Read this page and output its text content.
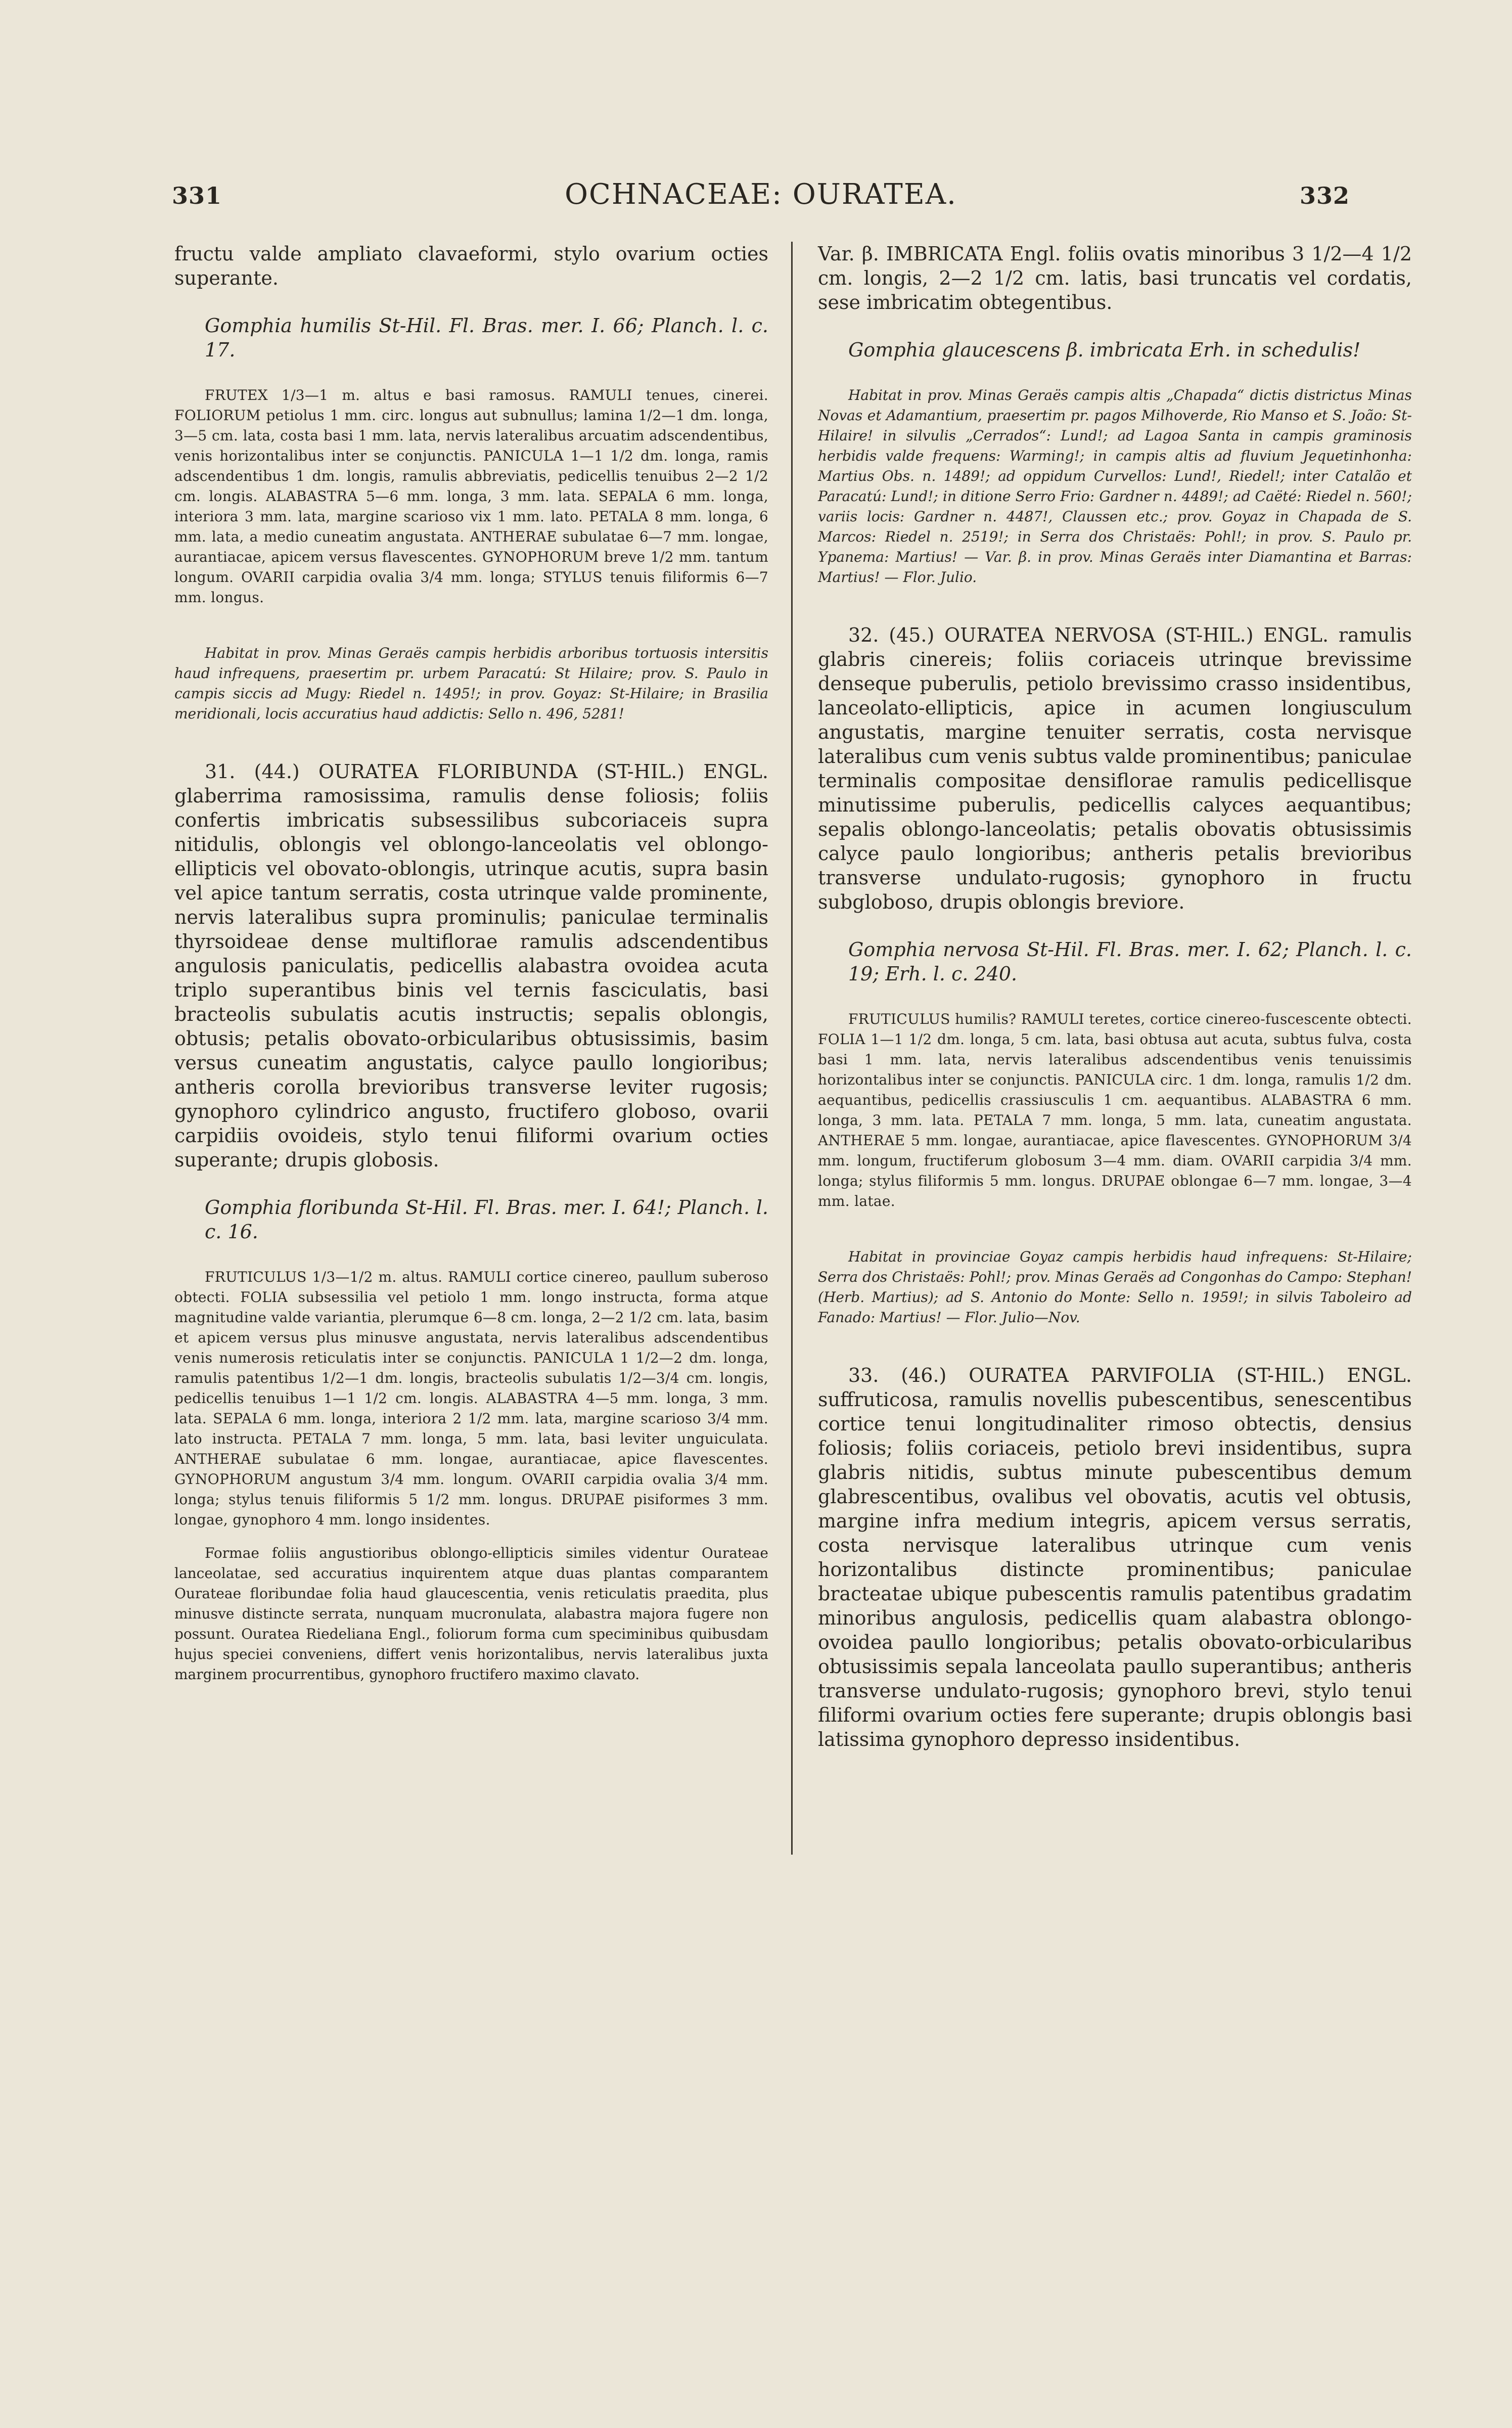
331	OCHNACEAE: OURATEA.	332

fructu valde ampliato clavaeformi, stylo ovarium octies superante.

Gomphia humilis St-Hil. Fl. Bras. mer. I. 66; Planch. l. c. 17.

FRUTEX 1/3—1 m. altus e basi ramosus. RAMULI tenues, cinerei. FOLIORUM petiolus 1 mm. circ. longus aut subnullus; lamina 1/2—1 dm. longa, 3—5 cm. lata, costa basi 1 mm. lata, nervis lateralibus arcuatim adscendentibus, venis horizontalibus inter se conjunctis. PANICULA 1—1 1/2 dm. longa, ramis adscendentibus 1 dm. longis, ramulis abbreviatis, pedicellis tenuibus 2—2 1/2 cm. longis. ALABASTRA 5—6 mm. longa, 3 mm. lata. SEPALA 6 mm. longa, interiora 3 mm. lata, margine scarioso vix 1 mm. lato. PETALA 8 mm. longa, 6 mm. lata, a medio cuneatim angustata. ANTHERAE subulatae 6—7 mm. longae, aurantiacae, apicem versus flavescentes. GYNOPHORUM breve 1/2 mm. tantum longum. OVARII carpidia ovalia 3/4 mm. longa; STYLUS tenuis filiformis 6—7 mm. longus.

Habitat in prov. Minas Geraës campis herbidis arboribus tortuosis intersitis haud infrequens, praesertim pr. urbem Paracatú: St Hilaire; prov. S. Paulo in campis siccis ad Mugy: Riedel n. 1495!; in prov. Goyaz: St-Hilaire; in Brasilia meridionali, locis accuratius haud addictis: Sello n. 496, 5281!

31. (44.) OURATEA FLORIBUNDA (ST-HIL.) ENGL. glaberrima ramosissima, ramulis dense foliosis; foliis confertis imbricatis subsessilibus subcoriaceis supra nitidulis, oblongis vel oblongo-lanceolatis vel oblongo-ellipticis vel obovato-oblongis, utrinque acutis, supra basin vel apice tantum serratis, costa utrinque valde prominente, nervis lateralibus supra prominulis; paniculae terminalis thyrsoideae dense multiflorae ramulis adscendentibus angulosis paniculatis, pedicellis alabastra ovoidea acuta triplo superantibus binis vel ternis fasciculatis, basi bracteolis subulatis acutis instructis; sepalis oblongis, obtusis; petalis obovato-orbicularibus obtusissimis, basim versus cuneatim angustatis, calyce paullo longioribus; antheris corolla brevioribus transverse leviter rugosis; gynophoro cylindrico angusto, fructifero globoso, ovarii carpidiis ovoideis, stylo tenui filiformi ovarium octies superante; drupis globosis.

Gomphia floribunda St-Hil. Fl. Bras. mer. I. 64!; Planch. l. c. 16.

FRUTICULUS 1/3—1/2 m. altus. RAMULI cortice cinereo, paullum suberoso obtecti. FOLIA subsessilia vel petiolo 1 mm. longo instructa, forma atque magnitudine valde variantia, plerumque 6—8 cm. longa, 2—2 1/2 cm. lata, basim et apicem versus plus minusve angustata, nervis lateralibus adscendentibus venis numerosis reticulatis inter se conjunctis. PANICULA 1 1/2—2 dm. longa, ramulis patentibus 1/2—1 dm. longis, bracteolis subulatis 1/2—3/4 cm. longis, pedicellis tenuibus 1—1 1/2 cm. longis. ALABASTRA 4—5 mm. longa, 3 mm. lata. SEPALA 6 mm. longa, interiora 2 1/2 mm. lata, margine scarioso 3/4 mm. lato instructa. PETALA 7 mm. longa, 5 mm. lata, basi leviter unguiculata. ANTHERAE subulatae 6 mm. longae, aurantiacae, apice flavescentes. GYNOPHORUM angustum 3/4 mm. longum. OVARII carpidia ovalia 3/4 mm. longa; stylus tenuis filiformis 5 1/2 mm. longus. DRUPAE pisiformes 3 mm. longae, gynophoro 4 mm. longo insidentes.

Formae foliis angustioribus oblongo-ellipticis similes videntur Ourateae lanceolatae, sed accuratius inquirentem atque duas plantas comparantem Ourateae floribundae folia haud glaucescentia, venis reticulatis praedita, plus minusve distincte serrata, nunquam mucronulata, alabastra majora fugere non possunt. Ouratea Riedeliana Engl., foliorum forma cum speciminibus quibusdam hujus speciei conveniens, differt venis horizontalibus, nervis lateralibus juxta marginem procurrentibus, gynophoro fructifero maximo clavato.

Var. β. IMBRICATA Engl. foliis ovatis minoribus 3 1/2—4 1/2 cm. longis, 2—2 1/2 cm. latis, basi truncatis vel cordatis, sese imbricatim obtegentibus.

Gomphia glaucescens β. imbricata Erh. in schedulis!

Habitat in prov. Minas Geraës campis altis „Chapada“ dictis districtus Minas Novas et Adamantium, praesertim pr. pagos Milhoverde, Rio Manso et S. João: St-Hilaire! in silvulis „Cerrados“: Lund!; ad Lagoa Santa in campis graminosis herbidis valde frequens: Warming!; in campis altis ad fluvium Jequetinhonha: Martius Obs. n. 1489!; ad oppidum Curvellos: Lund!, Riedel!; inter Catalão et Paracatú: Lund!; in ditione Serro Frio: Gardner n. 4489!; ad Caëté: Riedel n. 560!; variis locis: Gardner n. 4487!, Claussen etc.; prov. Goyaz in Chapada de S. Marcos: Riedel n. 2519!; in Serra dos Christaës: Pohl!; in prov. S. Paulo pr. Ypanema: Martius! — Var. β. in prov. Minas Geraës inter Diamantina et Barras: Martius! — Flor. Julio.

32. (45.) OURATEA NERVOSA (ST-HIL.) ENGL. ramulis glabris cinereis; foliis coriaceis utrinque brevissime denseque puberulis, petiolo brevissimo crasso insidentibus, lanceolato-ellipticis, apice in acumen longiusculum angustatis, margine tenuiter serratis, costa nervisque lateralibus cum venis subtus valde prominentibus; paniculae terminalis compositae densiflorae ramulis pedicellisque minutissime puberulis, pedicellis calyces aequantibus; sepalis oblongo-lanceolatis; petalis obovatis obtusissimis calyce paulo longioribus; antheris petalis brevioribus transverse undulato-rugosis; gynophoro in fructu subgloboso, drupis oblongis breviore.

Gomphia nervosa St-Hil. Fl. Bras. mer. I. 62; Planch. l. c. 19; Erh. l. c. 240.

FRUTICULUS humilis? RAMULI teretes, cortice cinereo-fuscescente obtecti. FOLIA 1—1 1/2 dm. longa, 5 cm. lata, basi obtusa aut acuta, subtus fulva, costa basi 1 mm. lata, nervis lateralibus adscendentibus venis tenuissimis horizontalibus inter se conjunctis. PANICULA circ. 1 dm. longa, ramulis 1/2 dm. aequantibus, pedicellis crassiusculis 1 cm. aequantibus. ALABASTRA 6 mm. longa, 3 mm. lata. PETALA 7 mm. longa, 5 mm. lata, cuneatim angustata. ANTHERAE 5 mm. longae, aurantiacae, apice flavescentes. GYNOPHORUM 3/4 mm. longum, fructiferum globosum 3—4 mm. diam. OVARII carpidia 3/4 mm. longa; stylus filiformis 5 mm. longus. DRUPAE oblongae 6—7 mm. longae, 3—4 mm. latae.

Habitat in provinciae Goyaz campis herbidis haud infrequens: St-Hilaire; Serra dos Christaës: Pohl!; prov. Minas Geraës ad Congonhas do Campo: Stephan! (Herb. Martius); ad S. Antonio do Monte: Sello n. 1959!; in silvis Taboleiro ad Fanado: Martius! — Flor. Julio—Nov.

33. (46.) OURATEA PARVIFOLIA (ST-HIL.) ENGL. suffruticosa, ramulis novellis pubescentibus, senescentibus cortice tenui longitudinaliter rimoso obtectis, densius foliosis; foliis coriaceis, petiolo brevi insidentibus, supra glabris nitidis, subtus minute pubescentibus demum glabrescentibus, ovalibus vel obovatis, acutis vel obtusis, margine infra medium integris, apicem versus serratis, costa nervisque lateralibus utrinque cum venis horizontalibus distincte prominentibus; paniculae bracteatae ubique pubescentis ramulis patentibus gradatim minoribus angulosis, pedicellis quam alabastra oblongo-ovoidea paullo longioribus; petalis obovato-orbicularibus obtusissimis sepala lanceolata paullo superantibus; antheris transverse undulato-rugosis; gynophoro brevi, stylo tenui filiformi ovarium octies fere superante; drupis oblongis basi latissima gynophoro depresso insidentibus.
